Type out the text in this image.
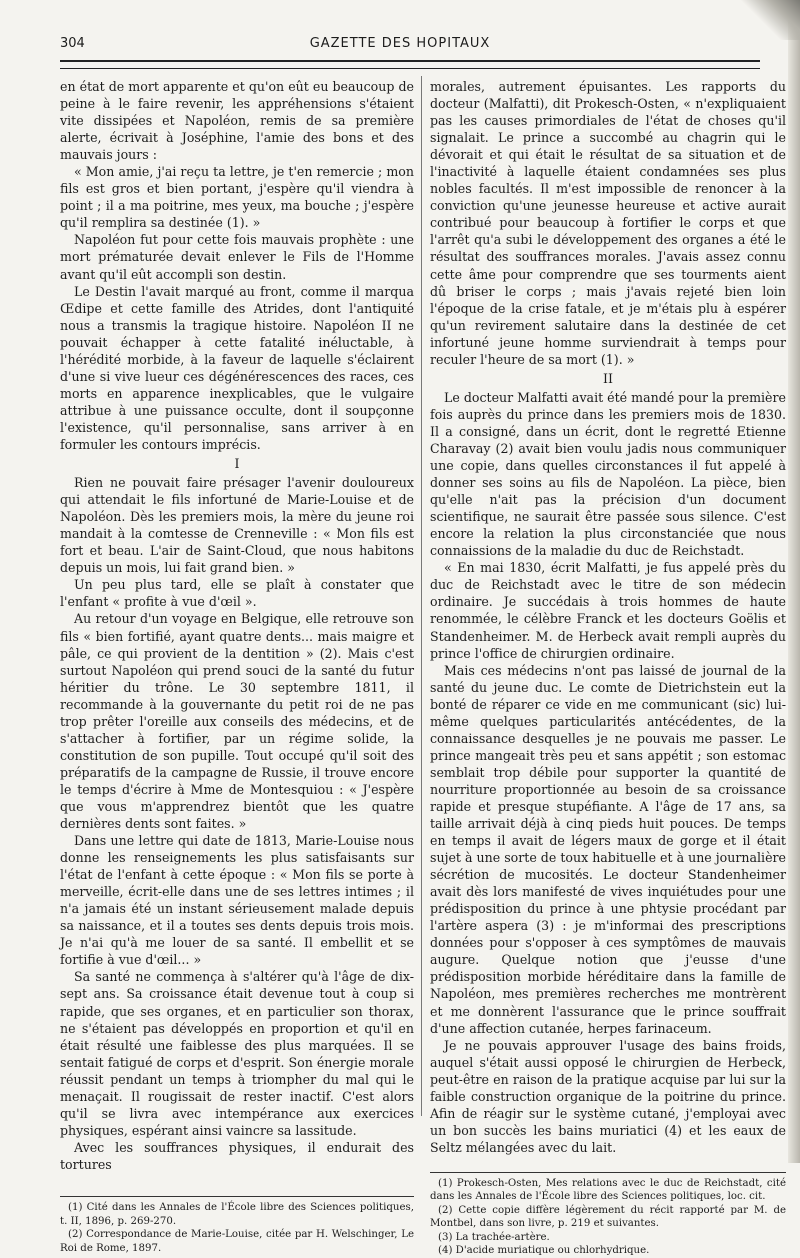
304	GAZETTE DES HOPITAUX

en état de mort apparente et qu'on eût eu beaucoup de peine à le faire revenir, les appréhensions s'étaient vite dissipées et Napoléon, remis de sa première alerte, écrivait à Joséphine, l'amie des bons et des mauvais jours :

« Mon amie, j'ai reçu ta lettre, je t'en remercie ; mon fils est gros et bien portant, j'espère qu'il viendra à point ; il a ma poitrine, mes yeux, ma bouche ; j'espère qu'il remplira sa destinée (1). »

Napoléon fut pour cette fois mauvais prophète : une mort prématurée devait enlever le Fils de l'Homme avant qu'il eût accompli son destin.

Le Destin l'avait marqué au front, comme il marqua Œdipe et cette famille des Atrides, dont l'antiquité nous a transmis la tragique histoire. Napoléon II ne pouvait échapper à cette fatalité inéluctable, à l'hérédité morbide, à la faveur de laquelle s'éclairent d'une si vive lueur ces dégénérescences des races, ces morts en apparence inexplicables, que le vulgaire attribue à une puissance occulte, dont il soupçonne l'existence, qu'il personnalise, sans arriver à en formuler les contours imprécis.

I

Rien ne pouvait faire présager l'avenir douloureux qui attendait le fils infortuné de Marie-Louise et de Napoléon. Dès les premiers mois, la mère du jeune roi mandait à la comtesse de Crenneville : « Mon fils est fort et beau. L'air de Saint-Cloud, que nous habitons depuis un mois, lui fait grand bien. »

Un peu plus tard, elle se plaît à constater que l'enfant « profite à vue d'œil ».

Au retour d'un voyage en Belgique, elle retrouve son fils « bien fortifié, ayant quatre dents... mais maigre et pâle, ce qui provient de la dentition » (2). Mais c'est surtout Napoléon qui prend souci de la santé du futur héritier du trône. Le 30 septembre 1811, il recommande à la gouvernante du petit roi de ne pas trop prêter l'oreille aux conseils des médecins, et de s'attacher à fortifier, par un régime solide, la constitution de son pupille. Tout occupé qu'il soit des préparatifs de la campagne de Russie, il trouve encore le temps d'écrire à Mme de Montesquiou : « J'espère que vous m'apprendrez bientôt que les quatre dernières dents sont faites. »

Dans une lettre qui date de 1813, Marie-Louise nous donne les renseignements les plus satisfaisants sur l'état de l'enfant à cette époque : « Mon fils se porte à merveille, écrit-elle dans une de ses lettres intimes ; il n'a jamais été un instant sérieusement malade depuis sa naissance, et il a toutes ses dents depuis trois mois. Je n'ai qu'à me louer de sa santé. Il embellit et se fortifie à vue d'œil... »

Sa santé ne commença à s'altérer qu'à l'âge de dix-sept ans. Sa croissance était devenue tout à coup si rapide, que ses organes, et en particulier son thorax, ne s'étaient pas développés en proportion et qu'il en était résulté une faiblesse des plus marquées. Il se sentait fatigué de corps et d'esprit. Son énergie morale réussit pendant un temps à triompher du mal qui le menaçait. Il rougissait de rester inactif. C'est alors qu'il se livra avec intempérance aux exercices physiques, espérant ainsi vaincre sa lassitude.

Avec les souffrances physiques, il endurait des tortures

(1) Cité dans les Annales de l'École libre des Sciences politiques, t. II, 1896, p. 269-270.

(2) Correspondance de Marie-Louise, citée par H. Welschinger, Le Roi de Rome, 1897.

morales, autrement épuisantes. Les rapports du docteur (Malfatti), dit Prokesch-Osten, « n'expliquaient pas les causes primordiales de l'état de choses qu'il signalait. Le prince a succombé au chagrin qui le dévorait et qui était le résultat de sa situation et de l'inactivité à laquelle étaient condamnées ses plus nobles facultés. Il m'est impossible de renoncer à la conviction qu'une jeunesse heureuse et active aurait contribué pour beaucoup à fortifier le corps et que l'arrêt qu'a subi le développement des organes a été le résultat des souffrances morales. J'avais assez connu cette âme pour comprendre que ses tourments aient dû briser le corps ; mais j'avais rejeté bien loin l'époque de la crise fatale, et je m'étais plu à espérer qu'un revirement salutaire dans la destinée de cet infortuné jeune homme surviendrait à temps pour reculer l'heure de sa mort (1). »

II

Le docteur Malfatti avait été mandé pour la première fois auprès du prince dans les premiers mois de 1830. Il a consigné, dans un écrit, dont le regretté Etienne Charavay (2) avait bien voulu jadis nous communiquer une copie, dans quelles circonstances il fut appelé à donner ses soins au fils de Napoléon. La pièce, bien qu'elle n'ait pas la précision d'un document scientifique, ne saurait être passée sous silence. C'est encore la relation la plus circonstanciée que nous connaissions de la maladie du duc de Reichstadt.

« En mai 1830, écrit Malfatti, je fus appelé près du duc de Reichstadt avec le titre de son médecin ordinaire. Je succédais à trois hommes de haute renommée, le célèbre Franck et les docteurs Goëlis et Standenheimer. M. de Herbeck avait rempli auprès du prince l'office de chirurgien ordinaire.

Mais ces médecins n'ont pas laissé de journal de la santé du jeune duc. Le comte de Dietrichstein eut la bonté de réparer ce vide en me communicant (sic) lui-même quelques particularités antécédentes, de la connaissance desquelles je ne pouvais me passer. Le prince mangeait très peu et sans appétit ; son estomac semblait trop débile pour supporter la quantité de nourriture proportionnée au besoin de sa croissance rapide et presque stupéfiante. A l'âge de 17 ans, sa taille arrivait déjà à cinq pieds huit pouces. De temps en temps il avait de légers maux de gorge et il était sujet à une sorte de toux habituelle et à une journalière sécrétion de mucosités. Le docteur Standenheimer avait dès lors manifesté de vives inquiétudes pour une prédisposition du prince à une phtysie procédant par l'artère aspera (3) : je m'informai des prescriptions données pour s'opposer à ces symptômes de mauvais augure. Quelque notion que j'eusse d'une prédisposition morbide héréditaire dans la famille de Napoléon, mes premières recherches me montrèrent et me donnèrent l'assurance que le prince souffrait d'une affection cutanée, herpes farinaceum.

Je ne pouvais approuver l'usage des bains froids, auquel s'était aussi opposé le chirurgien de Herbeck, peut-être en raison de la pratique acquise par lui sur la faible construction organique de la poitrine du prince. Afin de réagir sur le système cutané, j'employai avec un bon succès les bains muriatici (4) et les eaux de Seltz mélangées avec du lait.

(1) Prokesch-Osten, Mes relations avec le duc de Reichstadt, cité dans les Annales de l'École libre des Sciences politiques, loc. cit.

(2) Cette copie diffère légèrement du récit rapporté par M. de Montbel, dans son livre, p. 219 et suivantes.

(3) La trachée-artère.

(4) D'acide muriatique ou chlorhydrique.
